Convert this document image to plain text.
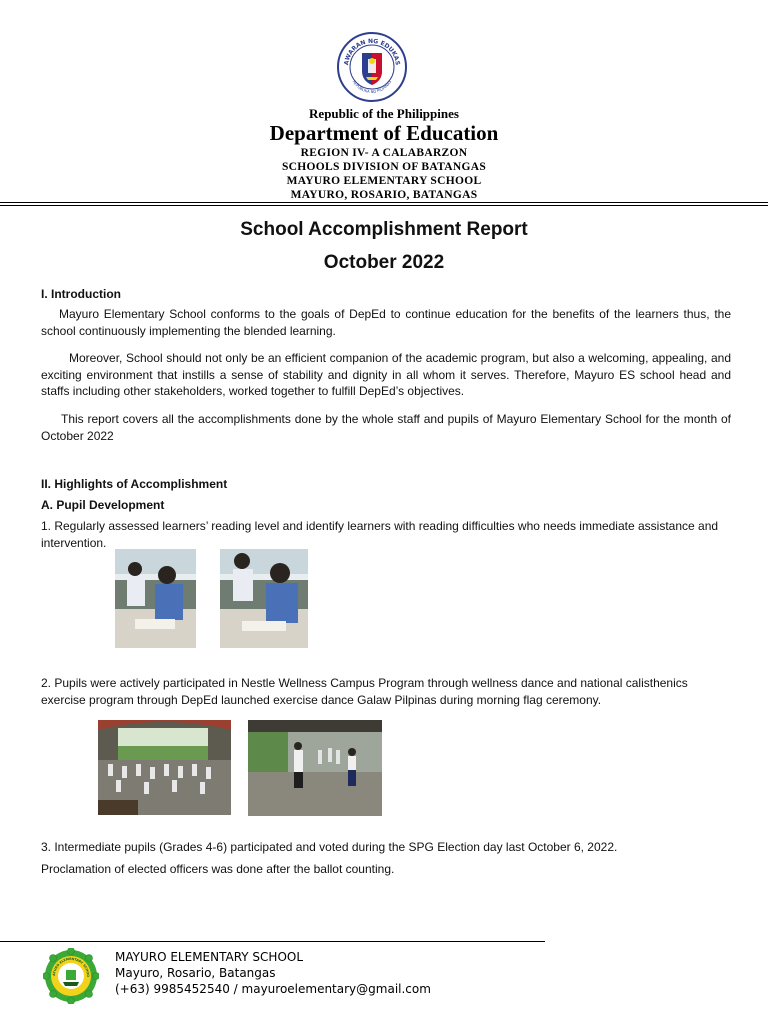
AWARAN NG EDUKAS
REPUBLIKA NG PILIPINAS
Republic of the Philippines
Department of Education
REGION IV- A CALABARZON
SCHOOLS DIVISION OF BATANGAS
MAYURO ELEMENTARY SCHOOL
MAYURO, ROSARIO, BATANGAS
School Accomplishment Report
October 2022
I. Introduction
Mayuro Elementary School conforms to the goals of DepEd to continue education for the benefits of the learners thus, the school continuously implementing the blended learning.
Moreover, School should not only be an efficient companion of the academic program, but also a welcoming, appealing, and exciting environment that instills a sense of stability and dignity in all whom it serves. Therefore, Mayuro ES school head and staffs including other stakeholders, worked together to fulfill DepEd’s objectives.
This report covers all the accomplishments done by the whole staff and pupils of Mayuro Elementary School for the month of October 2022
II. Highlights of Accomplishment
A. Pupil Development
1. Regularly assessed learners’ reading level and identify learners with reading difficulties who needs immediate assistance and intervention.
2. Pupils were actively participated in Nestle Wellness Campus Program through wellness dance and national calisthenics exercise program through DepEd launched exercise dance Galaw Pilpinas during morning flag ceremony.
3. Intermediate pupils (Grades 4-6) participated and voted during the SPG Election day last October 6, 2022.
Proclamation of elected officers was done after the ballot counting.
AYURO ELEMENTARY SCHOO
MAYURO ELEMENTARY SCHOOL
Mayuro, Rosario, Batangas
(+63) 9985452540 / mayuroelementary@gmail.com
